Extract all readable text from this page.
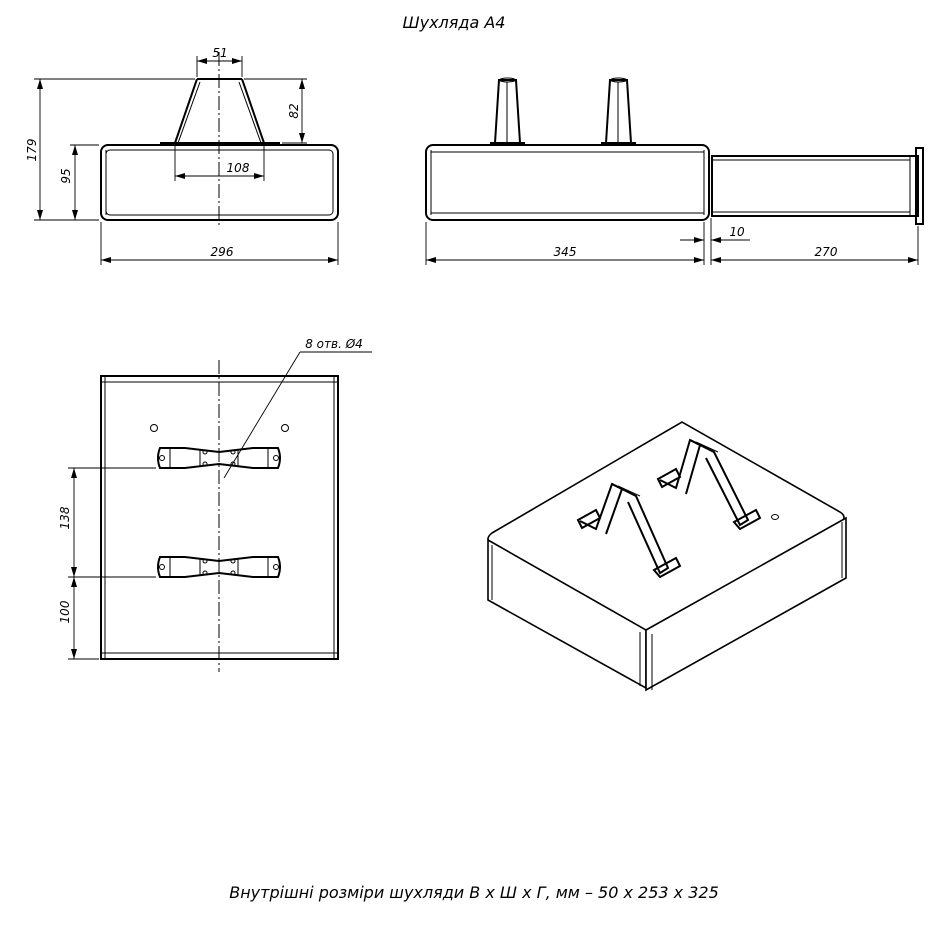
Шухляда А4
51
108
82
179
95
296	345
10
270
8 отв. Ø4
138
100
Внутрішні розміри шухляди В х Ш х Г, мм – 50 х 253 х 325
